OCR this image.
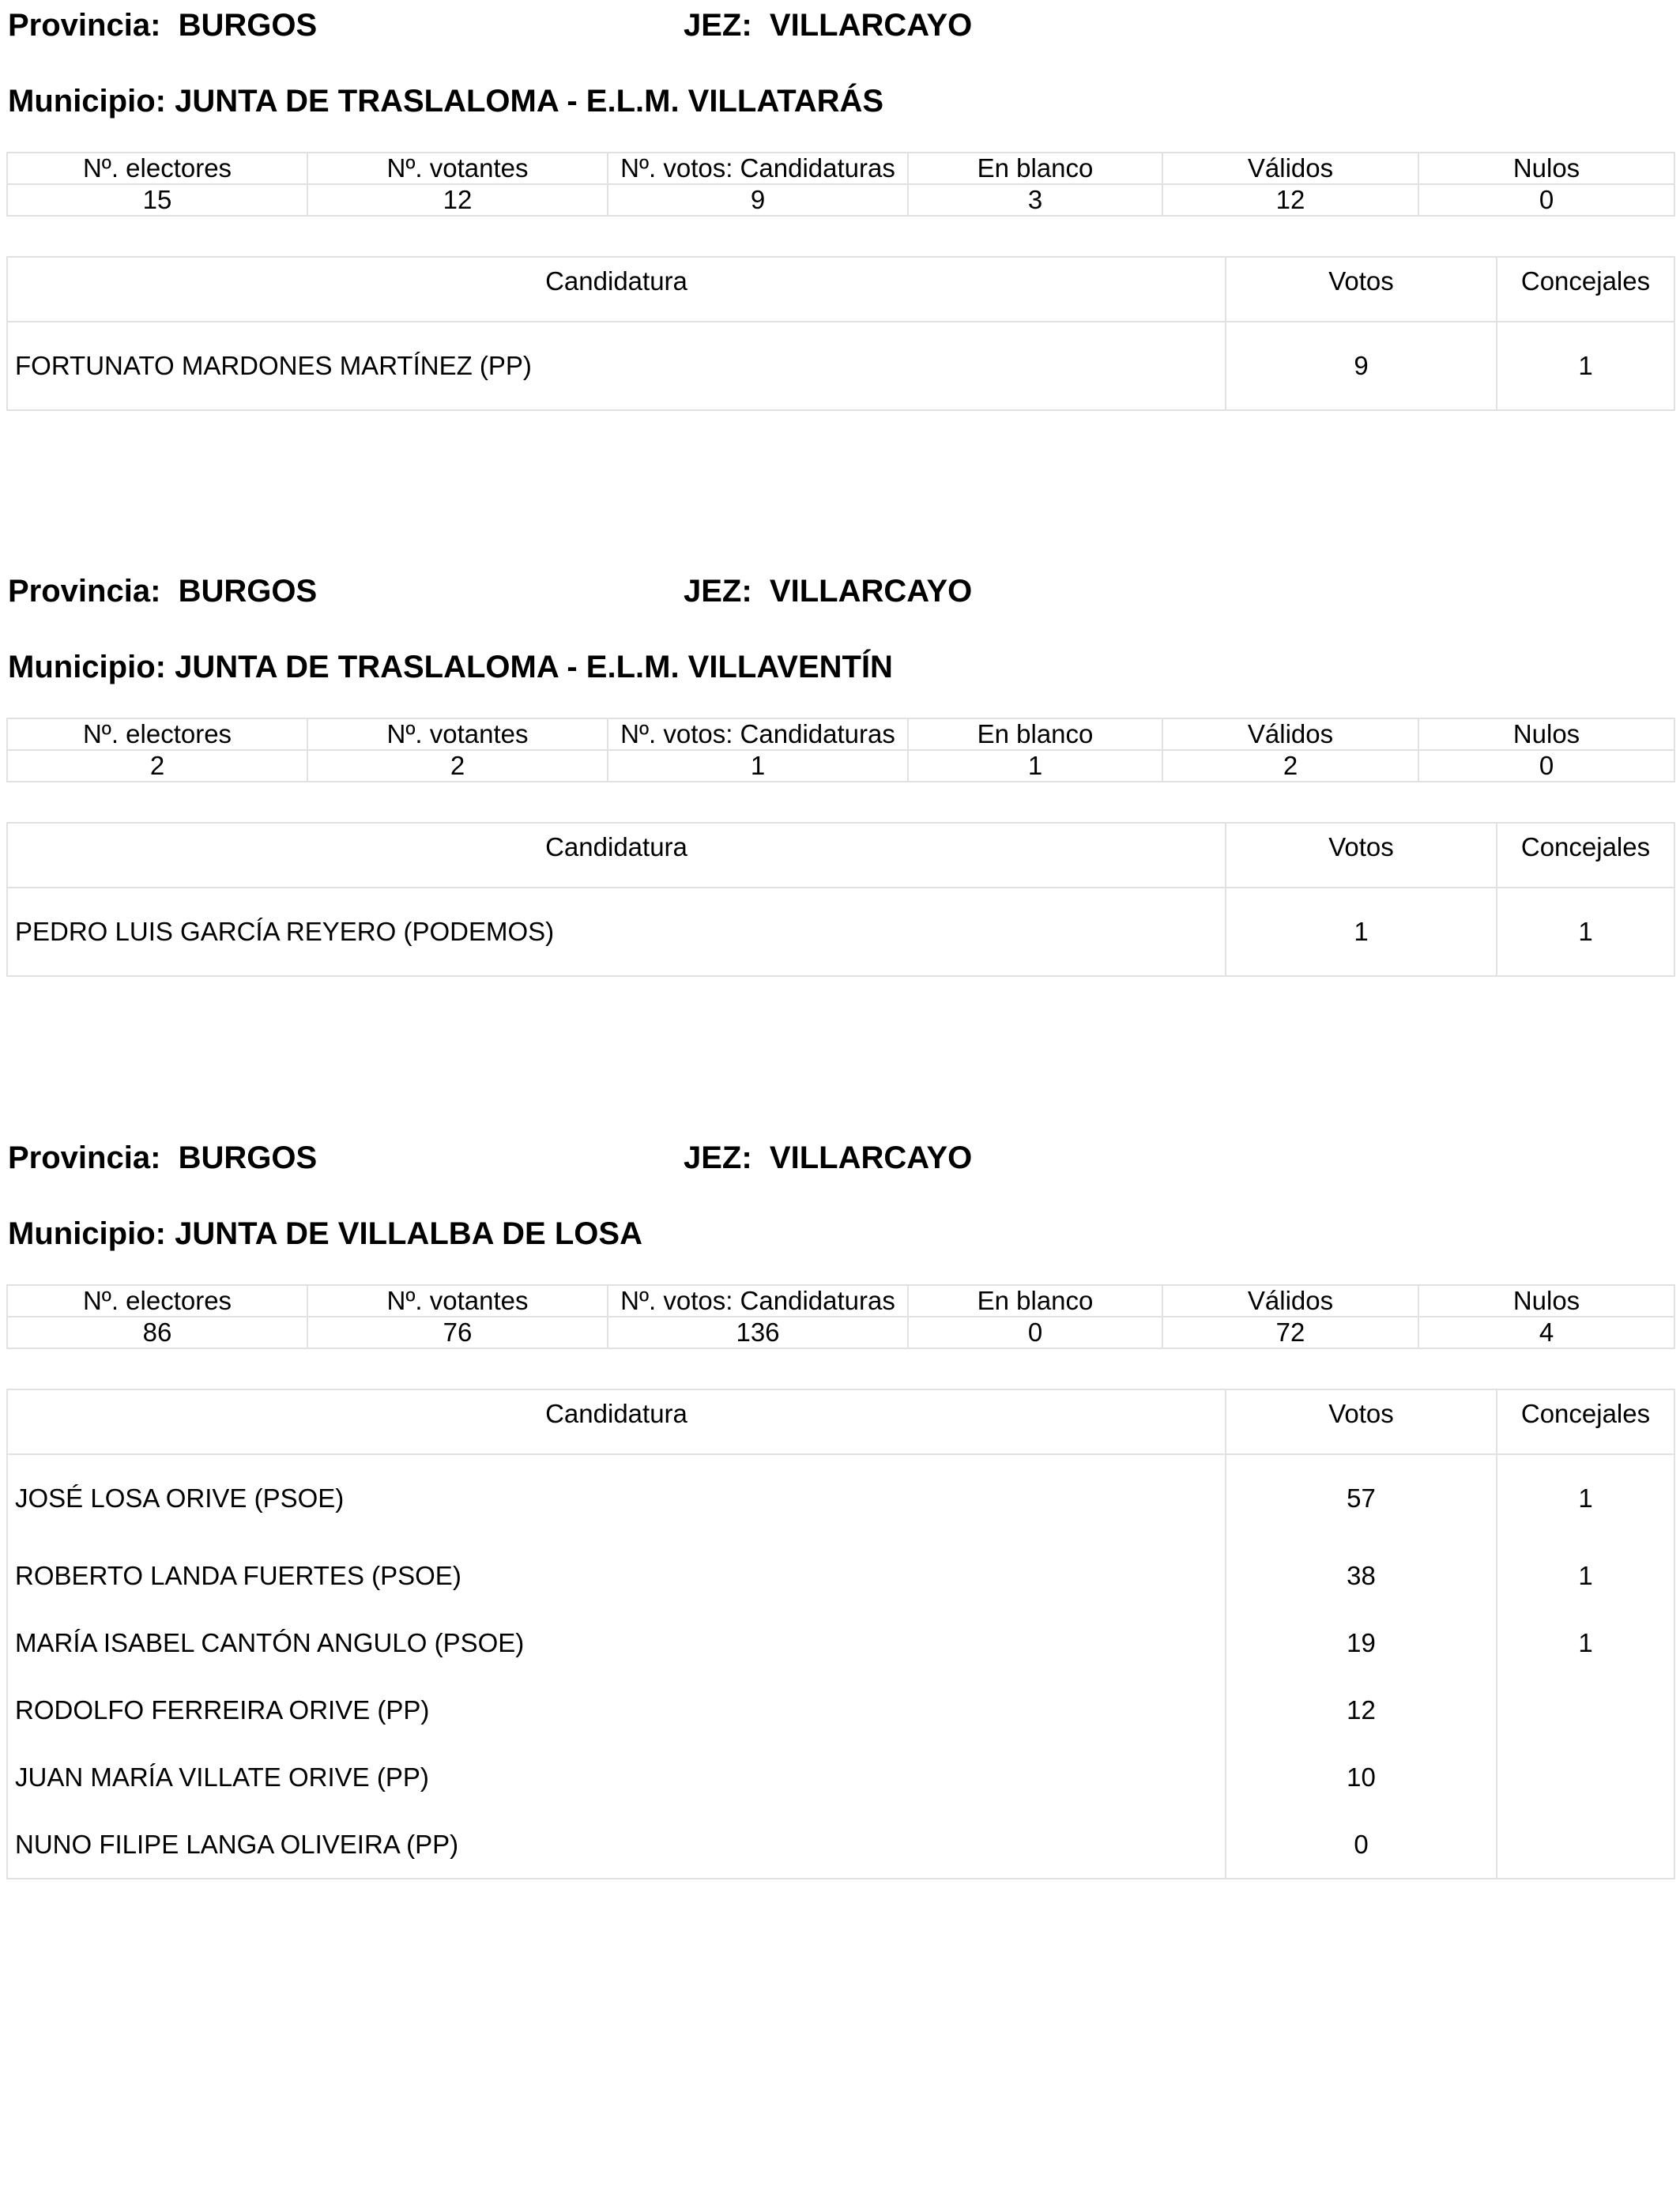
Provincia: BURGOS	JEZ: VILLARCAYO
Municipio: JUNTA DE TRASLALOMA - E.L.M. VILLATARÁS
Nº. electores	Nº. votantes	Nº. votos: Candidaturas	En blanco	Válidos	Nulos
15	12	9	3	12	0
Candidatura	Votos	Concejales
FORTUNATO MARDONES MARTÍNEZ (PP)	9	1
Provincia: BURGOS	JEZ: VILLARCAYO
Municipio: JUNTA DE TRASLALOMA - E.L.M. VILLAVENTÍN
Nº. electores	Nº. votantes	Nº. votos: Candidaturas	En blanco	Válidos	Nulos
2	2	1	1	2	0
Candidatura	Votos	Concejales
PEDRO LUIS GARCÍA REYERO (PODEMOS)	1	1
Provincia: BURGOS	JEZ: VILLARCAYO
Municipio: JUNTA DE VILLALBA DE LOSA
Nº. electores	Nº. votantes	Nº. votos: Candidaturas	En blanco	Válidos	Nulos
86	76	136	0	72	4
Candidatura	Votos	Concejales
JOSÉ LOSA ORIVE (PSOE)	57	1
ROBERTO LANDA FUERTES (PSOE)	38	1
MARÍA ISABEL CANTÓN ANGULO (PSOE)	19	1
RODOLFO FERREIRA ORIVE (PP)	12	
JUAN MARÍA VILLATE ORIVE (PP)	10	
NUNO FILIPE LANGA OLIVEIRA (PP)	0	
